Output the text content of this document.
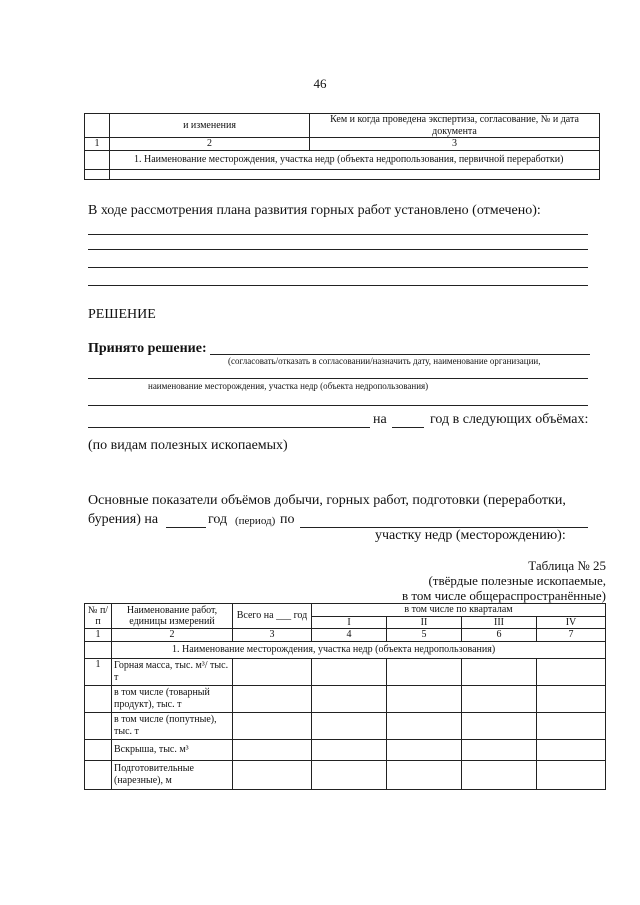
46
	и изменения	Кем и когда проведена экспертиза, согласование, № и дата документа
1	2	3
	1. Наименование месторождения, участка недр (объекта недропользования, первичной переработки)	

В ходе рассмотрения плана развития горных работ установлено (отмечено):
РЕШЕНИЕ
Принято решение:
(согласовать/отказать в согласовании/назначить дату, наименование организации,
наименование месторождения, участка недр (объекта недропользования)
на	год в следующих объёмах:
(по видам полезных ископаемых)
Основные показатели объёмов добычи, горных работ, подготовки (переработки,
бурения) на	год (период) по
участку недр (месторождению):
Таблица № 25
(твёрдые полезные ископаемые,
в том числе общераспространённые)
№ п/п	Наименование работ, единицы измерений	Всего на ___ год	в том числе по кварталам			
			I	II	III	IV
1	2	3	4	5	6	7
	1. Наименование месторождения, участка недр (объекта недропользования)					
1	Горная масса, тыс. м³/ тыс. т					
	в том числе (товарный продукт), тыс. т					
	в том числе (попутные), тыс. т					
	Вскрыша, тыс. м³					
	Подготовительные (нарезные), м					
